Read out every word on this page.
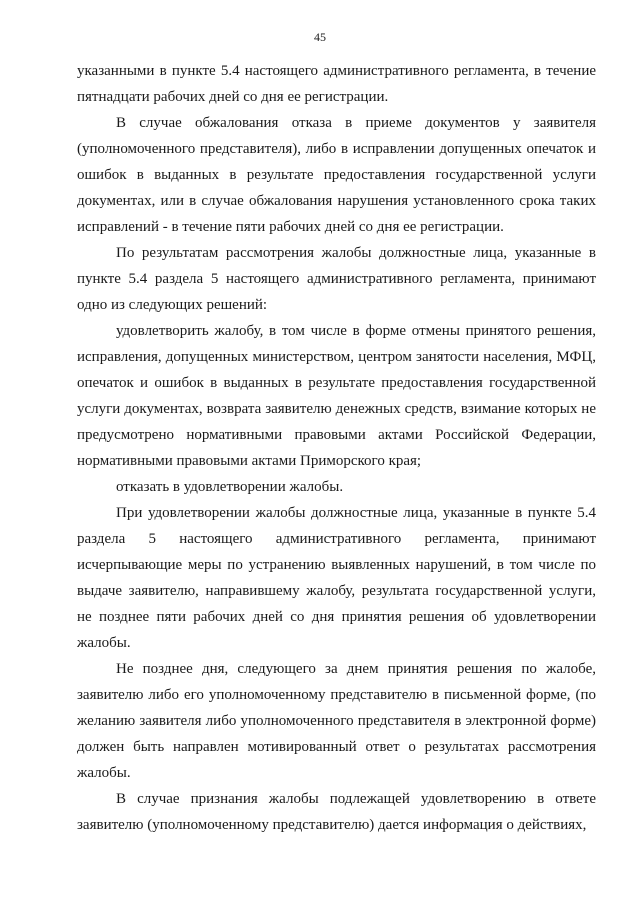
45

указанными в пункте 5.4 настоящего административного регламента, в течение пятнадцати рабочих дней со дня ее регистрации.

В случае обжалования отказа в приеме документов у заявителя (уполномоченного представителя), либо в исправлении допущенных опечаток и ошибок в выданных в результате предоставления государственной услуги документах, или в случае обжалования нарушения установленного срока таких исправлений - в течение пяти рабочих дней со дня ее регистрации.

По результатам рассмотрения жалобы должностные лица, указанные в пункте 5.4 раздела 5 настоящего административного регламента, принимают одно из следующих решений:

удовлетворить жалобу, в том числе в форме отмены принятого решения, исправления, допущенных министерством, центром занятости населения, МФЦ, опечаток и ошибок в выданных в результате предоставления государственной услуги документах, возврата заявителю денежных средств, взимание которых не предусмотрено нормативными правовыми актами Российской Федерации, нормативными правовыми актами Приморского края;

отказать в удовлетворении жалобы.

При удовлетворении жалобы должностные лица, указанные в пункте 5.4 раздела 5 настоящего административного регламента, принимают исчерпывающие меры по устранению выявленных нарушений, в том числе по выдаче заявителю, направившему жалобу, результата государственной услуги, не позднее пяти рабочих дней со дня принятия решения об удовлетворении жалобы.

Не позднее дня, следующего за днем принятия решения по жалобе, заявителю либо его уполномоченному представителю в письменной форме, (по желанию заявителя либо уполномоченного представителя в электронной форме) должен быть направлен мотивированный ответ о результатах рассмотрения жалобы.

В случае признания жалобы подлежащей удовлетворению в ответе заявителю (уполномоченному представителю) дается информация о действиях,
